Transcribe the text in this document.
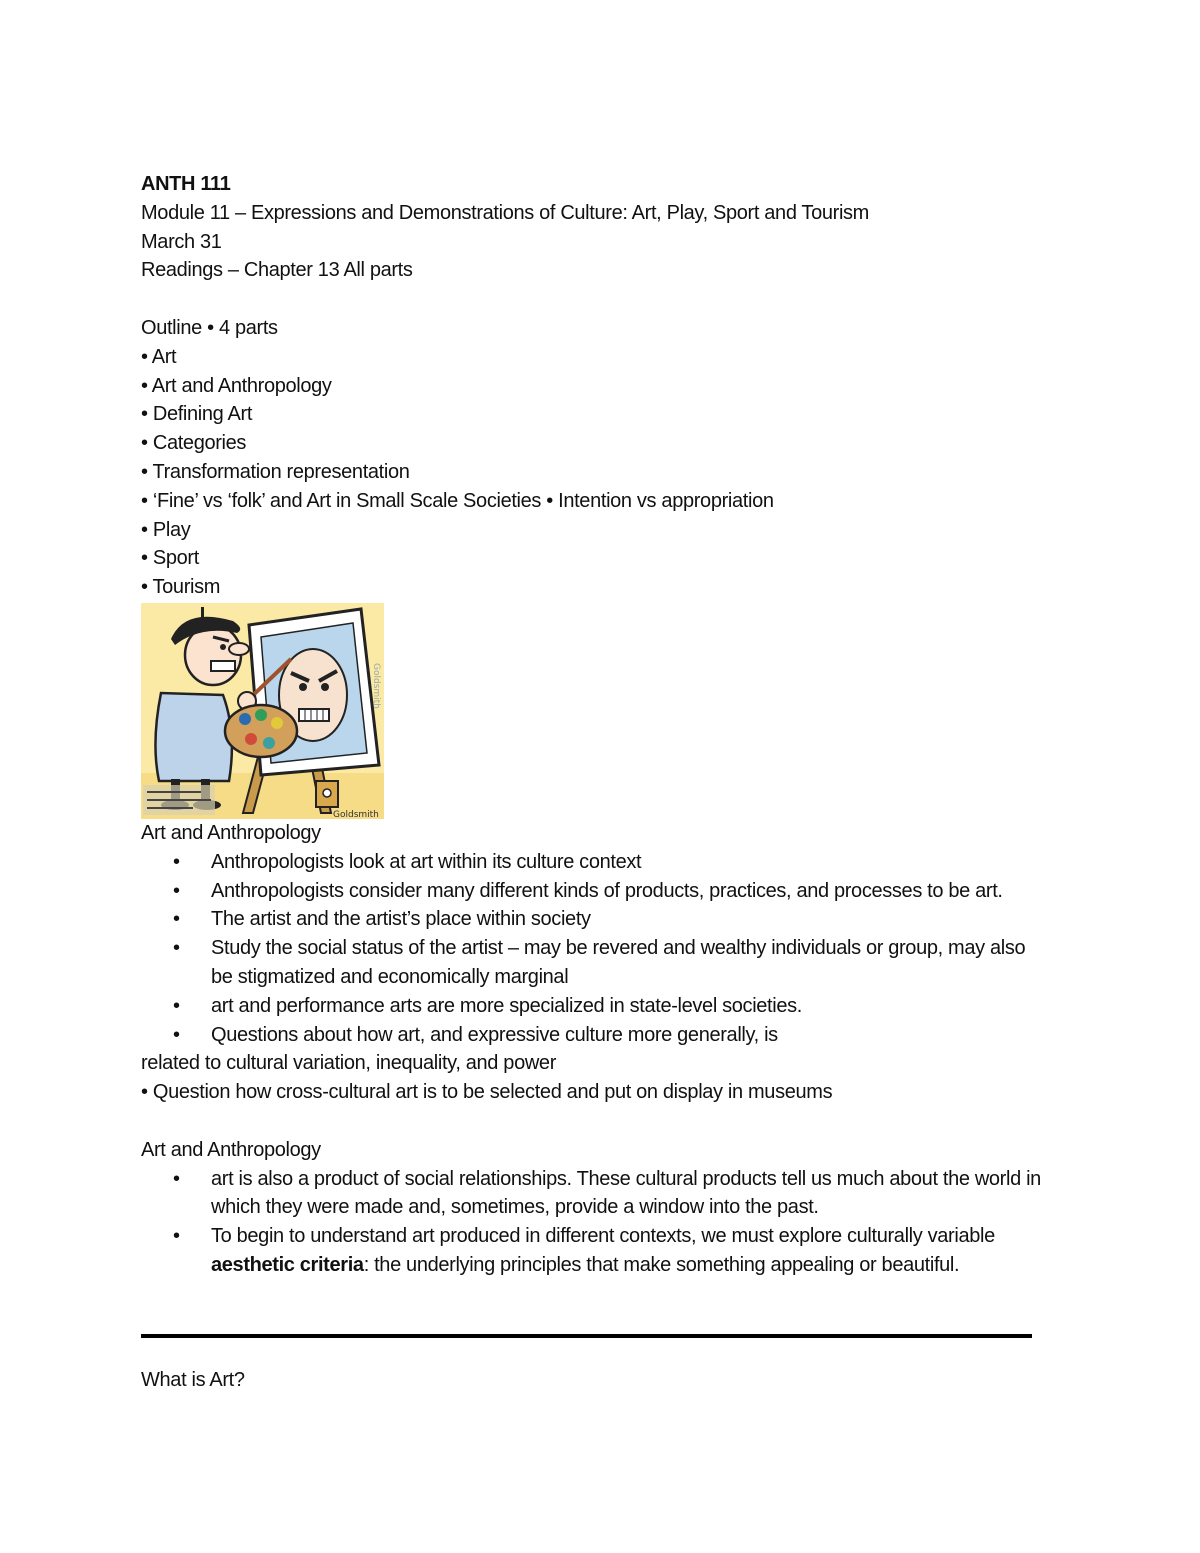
ANTH 111
Module 11 – Expressions and Demonstrations of Culture: Art, Play, Sport and Tourism
March 31
Readings – Chapter 13 All parts
Outline • 4 parts
• Art
• Art and Anthropology
• Defining Art
• Categories
• Transformation representation
• ‘Fine’ vs ‘folk’ and Art in Small Scale Societies • Intention vs appropriation
• Play
• Sport
• Tourism
Goldsmith
Goldsmith
Art and Anthropology
• Anthropologists look at art within its culture context
• Anthropologists consider many different kinds of products, practices, and processes to be art.
• The artist and the artist’s place within society
• Study the social status of the artist – may be revered and wealthy individuals or group, may also be stigmatized and economically marginal
• art and performance arts are more specialized in state-level societies.
• Questions about how art, and expressive culture more generally, is
related to cultural variation, inequality, and power
• Question how cross-cultural art is to be selected and put on display in museums
Art and Anthropology
• art is also a product of social relationships. These cultural products tell us much about the world in which they were made and, sometimes, provide a window into the past.
• To begin to understand art produced in different contexts, we must explore culturally variable aesthetic criteria: the underlying principles that make something appealing or beautiful.
What is Art?
